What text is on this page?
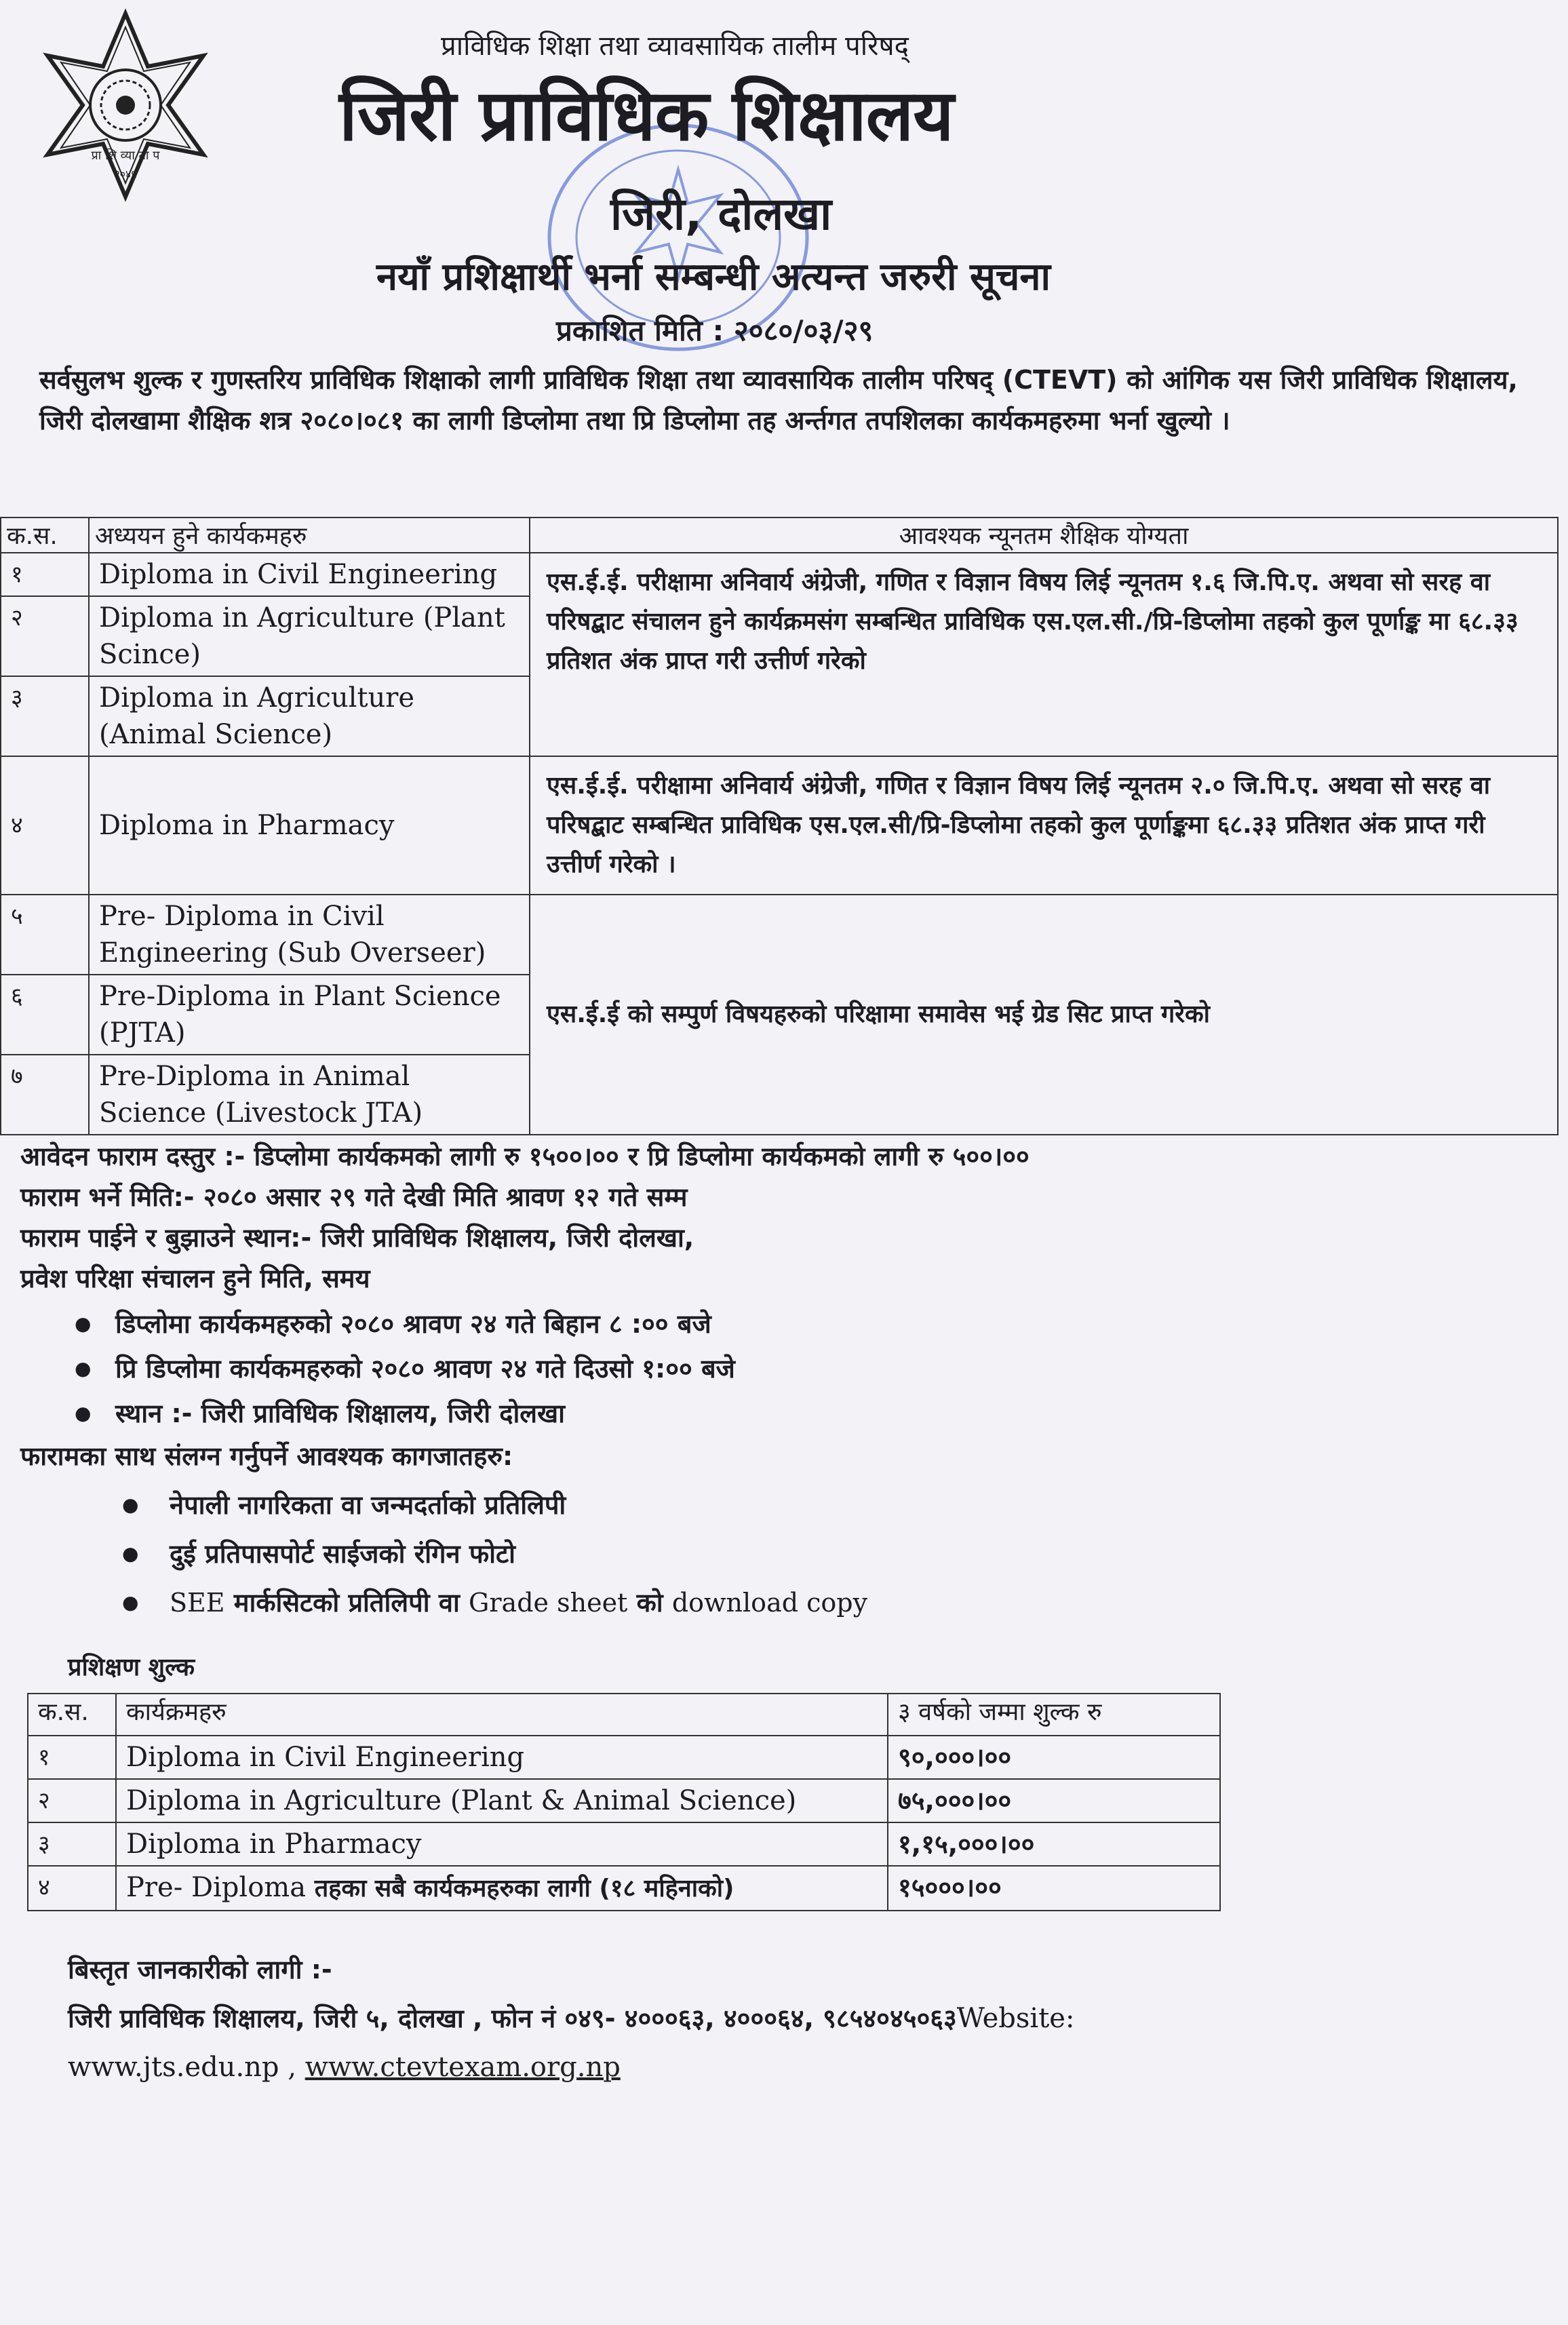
प्रा शि व्या ता प
२०४५
प्राविधिक शिक्षा तथा व्यावसायिक तालीम परिषद्
जिरी प्राविधिक शिक्षालय
जिरी, दोलखा
नयाँ प्रशिक्षार्थी भर्ना सम्बन्धी अत्यन्त जरुरी सूचना
प्रकाशित मिति : २०८०/०३/२९
सर्वसुलभ शुल्क र गुणस्तरिय प्राविधिक शिक्षाको लागी प्राविधिक शिक्षा तथा व्यावसायिक तालीम परिषद् (CTEVT) को आंगिक यस जिरी प्राविधिक शिक्षालय, जिरी दोलखामा शैक्षिक शत्र २०८०।०८१ का लागी डिप्लोमा तथा प्रि डिप्लोमा तह अर्न्तगत तपशिलका कार्यकमहरुमा भर्ना खुल्यो ।
क.स.	अध्ययन हुने कार्यकमहरु	आवश्यक न्यूनतम शैक्षिक योग्यता
१	Diploma in Civil Engineering	एस.ई.ई. परीक्षामा अनिवार्य अंग्रेजी, गणित र विज्ञान विषय लिई न्यूनतम १.६ जि.पि.ए. अथवा सो सरह वा परिषद्बाट संचालन हुने कार्यक्रमसंग सम्बन्धित प्राविधिक एस.एल.सी./प्रि-डिप्लोमा तहको कुल पूर्णाङ्क मा ६८.३३ प्रतिशत अंक प्राप्त गरी उत्तीर्ण गरेको
२	Diploma in Agriculture (Plant Scince)	
३	Diploma in Agriculture (Animal Science)	
४	Diploma in Pharmacy	एस.ई.ई. परीक्षामा अनिवार्य अंग्रेजी, गणित र विज्ञान विषय लिई न्यूनतम २.० जि.पि.ए. अथवा सो सरह वा परिषद्बाट सम्बन्धित प्राविधिक एस.एल.सी/प्रि-डिप्लोमा तहको कुल पूर्णाङ्कमा ६८.३३ प्रतिशत अंक प्राप्त गरी उत्तीर्ण गरेको ।
५	Pre- Diploma in Civil Engineering (Sub Overseer)	एस.ई.ई को सम्पुर्ण विषयहरुको परिक्षामा समावेस भई ग्रेड सिट प्राप्त गरेको
६	Pre-Diploma in Plant Science (PJTA)	
७	Pre-Diploma in Animal Science (Livestock JTA)	

आवेदन फाराम दस्तुर :- डिप्लोमा कार्यकमको लागी रु १५००।०० र प्रि डिप्लोमा कार्यकमको लागी रु ५००।००

फाराम भर्ने मिति:- २०८० असार २९ गते देखी मिति श्रावण १२ गते सम्म

फाराम पाईने र बुझाउने स्थान:- जिरी प्राविधिक शिक्षालय, जिरी दोलखा,

प्रवेश परिक्षा संचालन हुने मिति, समय

● डिप्लोमा कार्यकमहरुको २०८० श्रावण २४ गते बिहान ८ :०० बजे
● प्रि डिप्लोमा कार्यकमहरुको २०८० श्रावण २४ गते दिउसो १:०० बजे
● स्थान :- जिरी प्राविधिक शिक्षालय, जिरी दोलखा

फारामका साथ संलग्न गर्नुपर्ने आवश्यक कागजातहरु:

● नेपाली नागरिकता वा जन्मदर्ताको प्रतिलिपी
● दुई प्रतिपासपोर्ट साईजको रंगिन फोटो
● SEE मार्कसिटको प्रतिलिपी वा Grade sheet को download copy
प्रशिक्षण शुल्क
क.स.	कार्यक्रमहरु	३ वर्षको जम्मा शुल्क रु
१	Diploma in Civil Engineering	९०,०००।००
२	Diploma in Agriculture (Plant & Animal Science)	७५,०००।००
३	Diploma in Pharmacy	१,१५,०००।००
४	Pre- Diploma तहका सबै कार्यकमहरुका लागी (१८ महिनाको)	१५०००।००

बिस्तृत जानकारीको लागी :-

जिरी प्राविधिक शिक्षालय, जिरी ५, दोलखा , फोन नं ०४९- ४०००६३, ४०००६४, ९८५४०४५०६३Website:

www.jts.edu.np , www.ctevtexam.org.np
